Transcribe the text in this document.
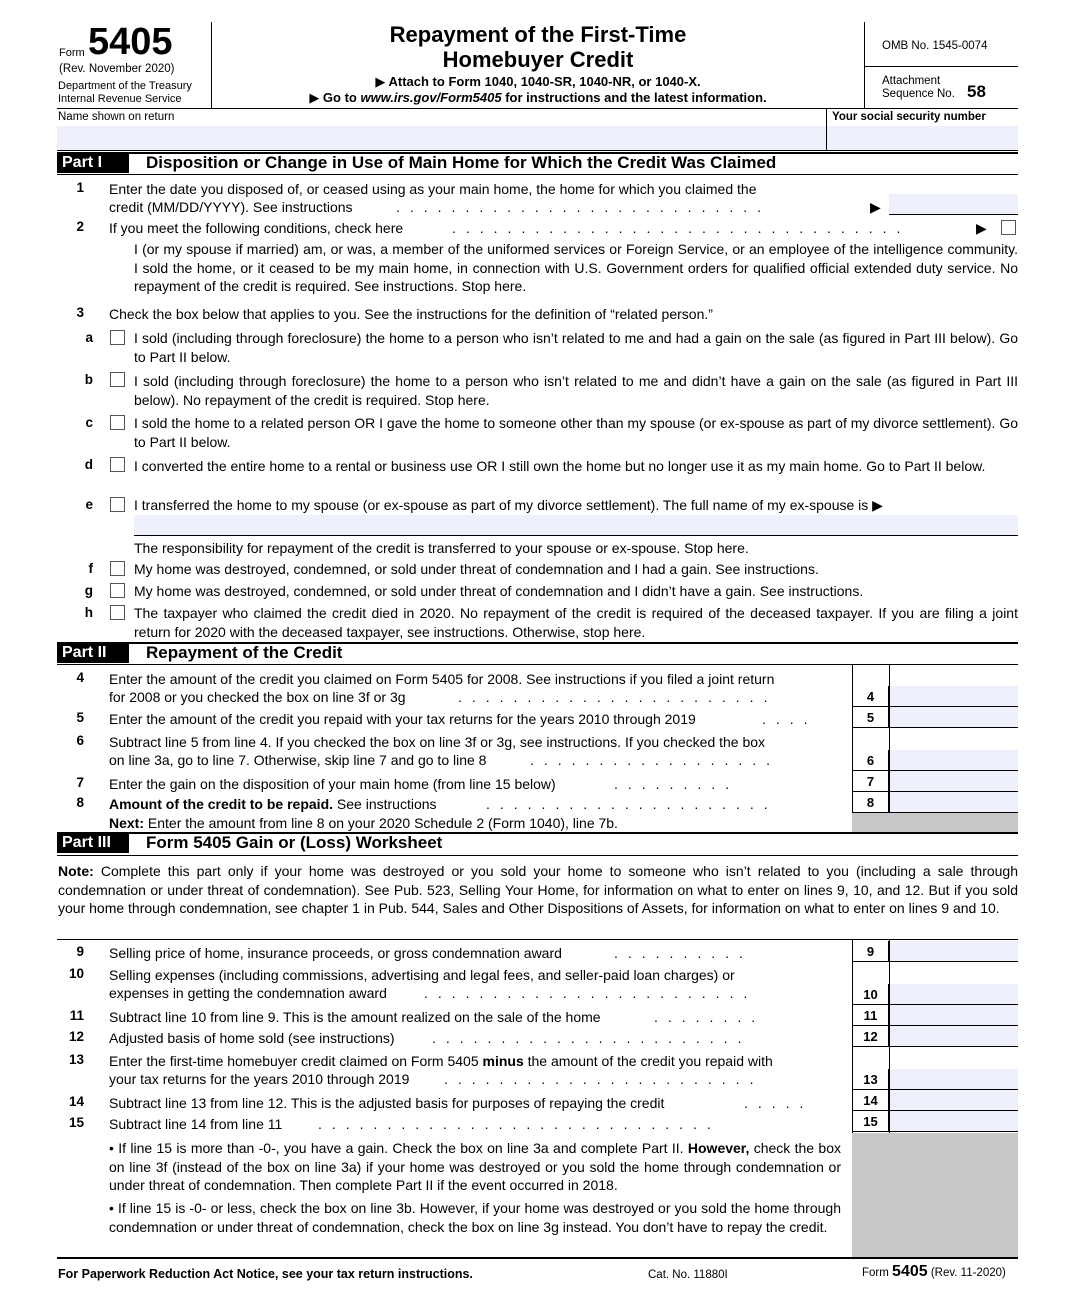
Form 5405
(Rev. November 2020)
Department of the Treasury
Internal Revenue Service
Repayment of the First-Time
Homebuyer Credit
▶ Attach to Form 1040, 1040-SR, 1040-NR, or 1040-X.
▶ Go to www.irs.gov/Form5405 for instructions and the latest information.
OMB No. 1545-0074
Attachment
Sequence No. 58
Name shown on return	Your social security number
Part I	Disposition or Change in Use of Main Home for Which the Credit Was Claimed
1 Enter the date you disposed of, or ceased using as your main home, the home for which you claimed the
credit (MM/DD/YYYY). See instructions	...........................	▶
2 If you meet the following conditions, check here	.................................	▶
I (or my spouse if married) am, or was, a member of the uniformed services or Foreign Service, or an employee of the intelligence community. I sold the home, or it ceased to be my main home, in connection with U.S. Government orders for qualified official extended duty service. No repayment of the credit is required. See instructions. Stop here.
3 Check the box below that applies to you. See the instructions for the definition of “related person.”
a	I sold (including through foreclosure) the home to a person who isn’t related to me and had a gain on the sale (as figured in Part III below). Go to Part II below.
b	I sold (including through foreclosure) the home to a person who isn’t related to me and didn’t have a gain on the sale (as figured in Part III below). No repayment of the credit is required. Stop here.
c	I sold the home to a related person OR I gave the home to someone other than my spouse (or ex-spouse as part of my divorce settlement). Go to Part II below.
d	I converted the entire home to a rental or business use OR I still own the home but no longer use it as my main home. Go to Part II below.
e	I transferred the home to my spouse (or ex-spouse as part of my divorce settlement). The full name of my ex-spouse is ▶
The responsibility for repayment of the credit is transferred to your spouse or ex-spouse. Stop here.
f	My home was destroyed, condemned, or sold under threat of condemnation and I had a gain. See instructions.
g	My home was destroyed, condemned, or sold under threat of condemnation and I didn’t have a gain. See instructions.
h	The taxpayer who claimed the credit died in 2020. No repayment of the credit is required of the deceased taxpayer. If you are filing a joint return for 2020 with the deceased taxpayer, see instructions. Otherwise, stop here.
Part II	Repayment of the Credit
4 Enter the amount of the credit you claimed on Form 5405 for 2008. See instructions if you filed a joint return
for 2008 or you checked the box on line 3f or 3g	.......................	4
5 Enter the amount of the credit you repaid with your tax returns for the years 2010 through 2019	....	5
6 Subtract line 5 from line 4. If you checked the box on line 3f or 3g, see instructions. If you checked the box
on line 3a, go to line 7. Otherwise, skip line 7 and go to line 8	..................	6
7 Enter the gain on the disposition of your main home (from line 15 below)	.........	7
8 Amount of the credit to be repaid. See instructions	.....................	8
Next: Enter the amount from line 8 on your 2020 Schedule 2 (Form 1040), line 7b.
Part III	Form 5405 Gain or (Loss) Worksheet
Note: Complete this part only if your home was destroyed or you sold your home to someone who isn’t related to you (including a sale through condemnation or under threat of condemnation). See Pub. 523, Selling Your Home, for information on what to enter on lines 9, 10, and 12. But if you sold your home through condemnation, see chapter 1 in Pub. 544, Sales and Other Dispositions of Assets, for information on what to enter on lines 9 and 10.
9 Selling price of home, insurance proceeds, or gross condemnation award	..........	9
10 Selling expenses (including commissions, advertising and legal fees, and seller-paid loan charges) or
expenses in getting the condemnation award	........................	10
11 Subtract line 10 from line 9. This is the amount realized on the sale of the home	........	11
12 Adjusted basis of home sold (see instructions)	.......................	12
13 Enter the first-time homebuyer credit claimed on Form 5405 minus the amount of the credit you repaid with
your tax returns for the years 2010 through 2019 .......................	13
14 Subtract line 13 from line 12. This is the adjusted basis for purposes of repaying the credit	.....	14
15 Subtract line 14 from line 11	.............................	15
• If line 15 is more than -0-, you have a gain. Check the box on line 3a and complete Part II. However, check the box on line 3f (instead of the box on line 3a) if your home was destroyed or you sold the home through condemnation or under threat of condemnation. Then complete Part II if the event occurred in 2018.
• If line 15 is -0- or less, check the box on line 3b. However, if your home was destroyed or you sold the home through condemnation or under threat of condemnation, check the box on line 3g instead. You don’t have to repay the credit.
For Paperwork Reduction Act Notice, see your tax return instructions.	Cat. No. 11880I	Form 5405 (Rev. 11-2020)
